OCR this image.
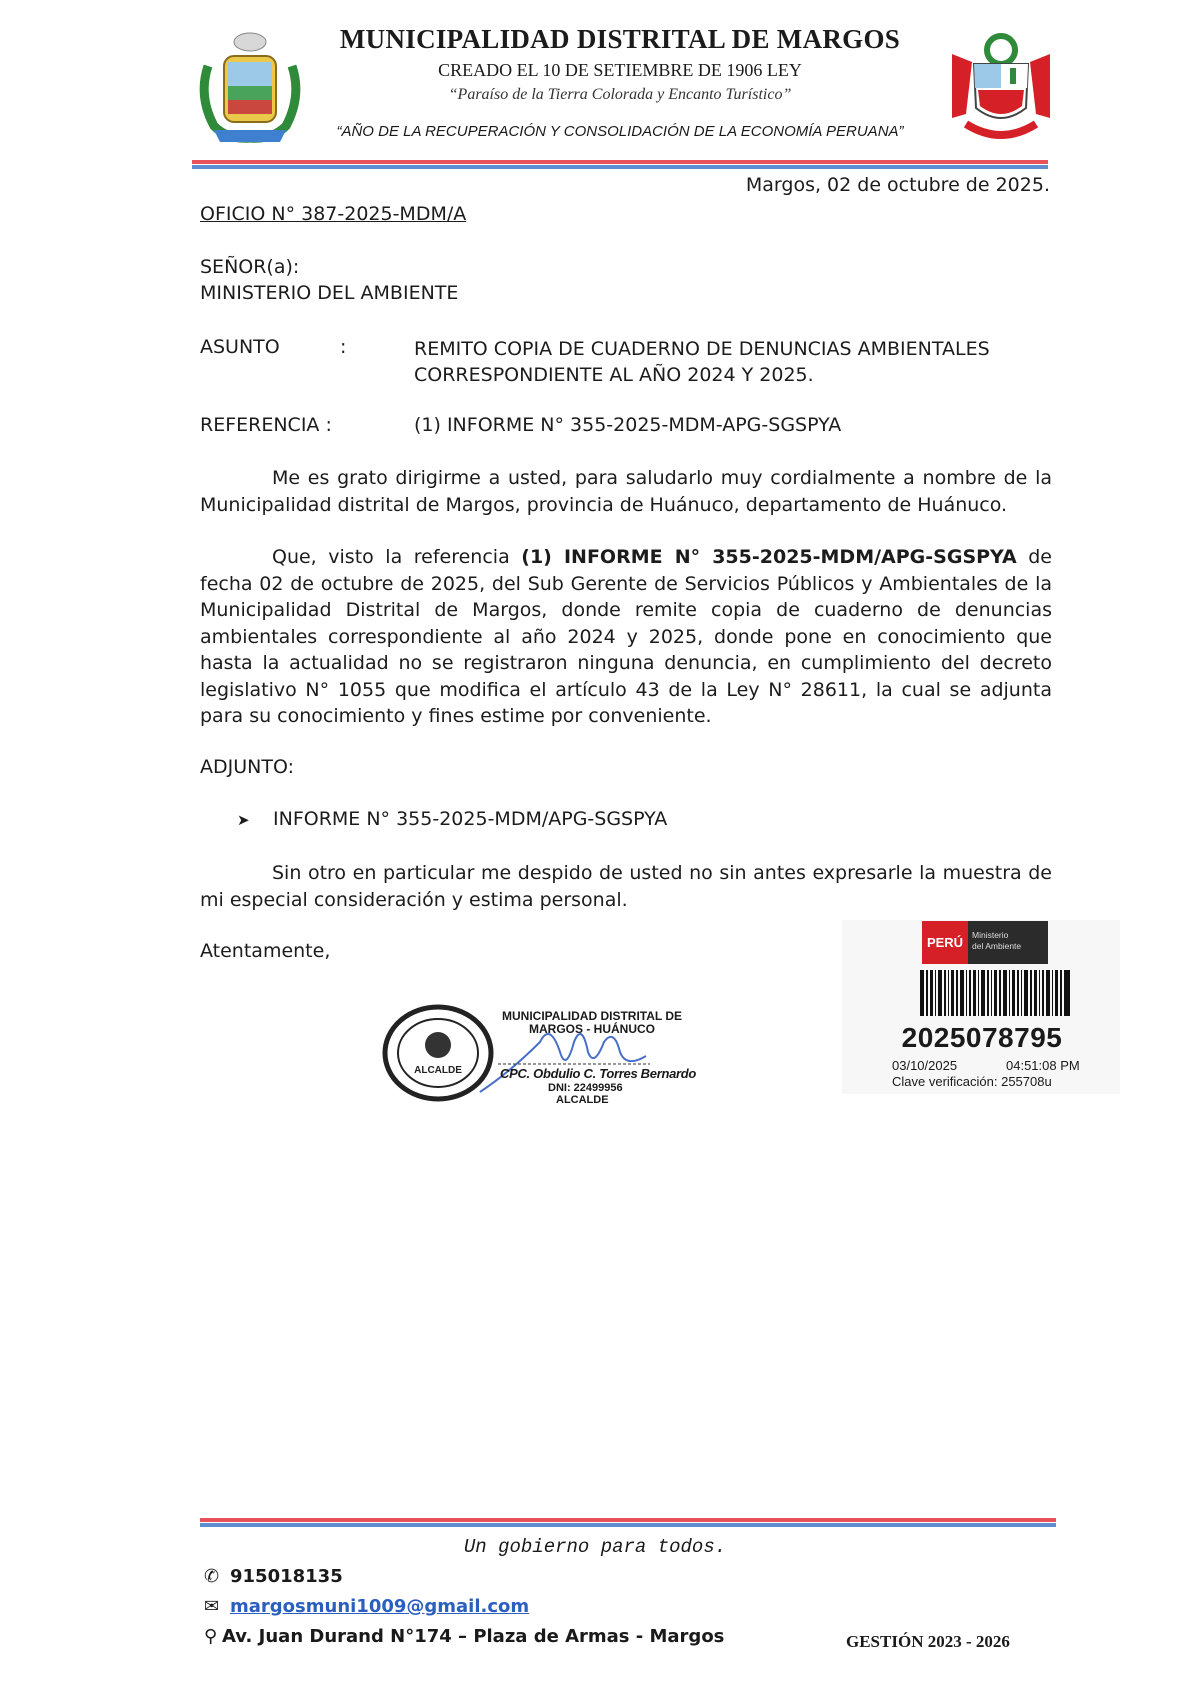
MUNICIPALIDAD DISTRITAL DE MARGOS
CREADO EL 10 DE SETIEMBRE DE 1906 LEY
“Paraíso de la Tierra Colorada y Encanto Turístico”
“AÑO DE LA RECUPERACIÓN Y CONSOLIDACIÓN DE LA ECONOMÍA PERUANA”
Margos, 02 de octubre de 2025.
OFICIO N° 387-2025-MDM/A
SEÑOR(a):
MINISTERIO DEL AMBIENTE
ASUNTO	:	REMITO COPIA DE CUADERNO DE DENUNCIAS AMBIENTALES
CORRESPONDIENTE AL AÑO 2024 Y 2025.
REFERENCIA :	(1) INFORME N° 355-2025-MDM-APG-SGSPYA
Me es grato dirigirme a usted, para saludarlo muy cordialmente a nombre de la Municipalidad distrital de Margos, provincia de Huánuco, departamento de Huánuco.
Que, visto la referencia (1) INFORME N° 355-2025-MDM/APG-SGSPYA de fecha 02 de octubre de 2025, del Sub Gerente de Servicios Públicos y Ambientales de la Municipalidad Distrital de Margos, donde remite copia de cuaderno de denuncias ambientales correspondiente al año 2024 y 2025, donde pone en conocimiento que hasta la actualidad no se registraron ninguna denuncia, en cumplimiento del decreto legislativo N° 1055 que modifica el artículo 43 de la Ley N° 28611, la cual se adjunta para su conocimiento y fines estime por conveniente.
ADJUNTO:
➤ INFORME N° 355-2025-MDM/APG-SGSPYA
Sin otro en particular me despido de usted no sin antes expresarle la muestra de mi especial consideración y estima personal.
Atentamente,
ALCALDE
MUNICIPALIDAD DISTRITAL DE
MARGOS - HUÁNUCO
CPC. Obdulio C. Torres Bernardo
DNI: 22499956
ALCALDE
PERÚ	Ministerio
del Ambiente
2025078795
03/10/2025	04:51:08 PM
Clave verificación: 255708u
Un gobierno para todos.
✆ 915018135
✉ margosmuni1009@gmail.com
⚲ Av. Juan Durand N°174 – Plaza de Armas - Margos	GESTIÓN 2023 - 2026
